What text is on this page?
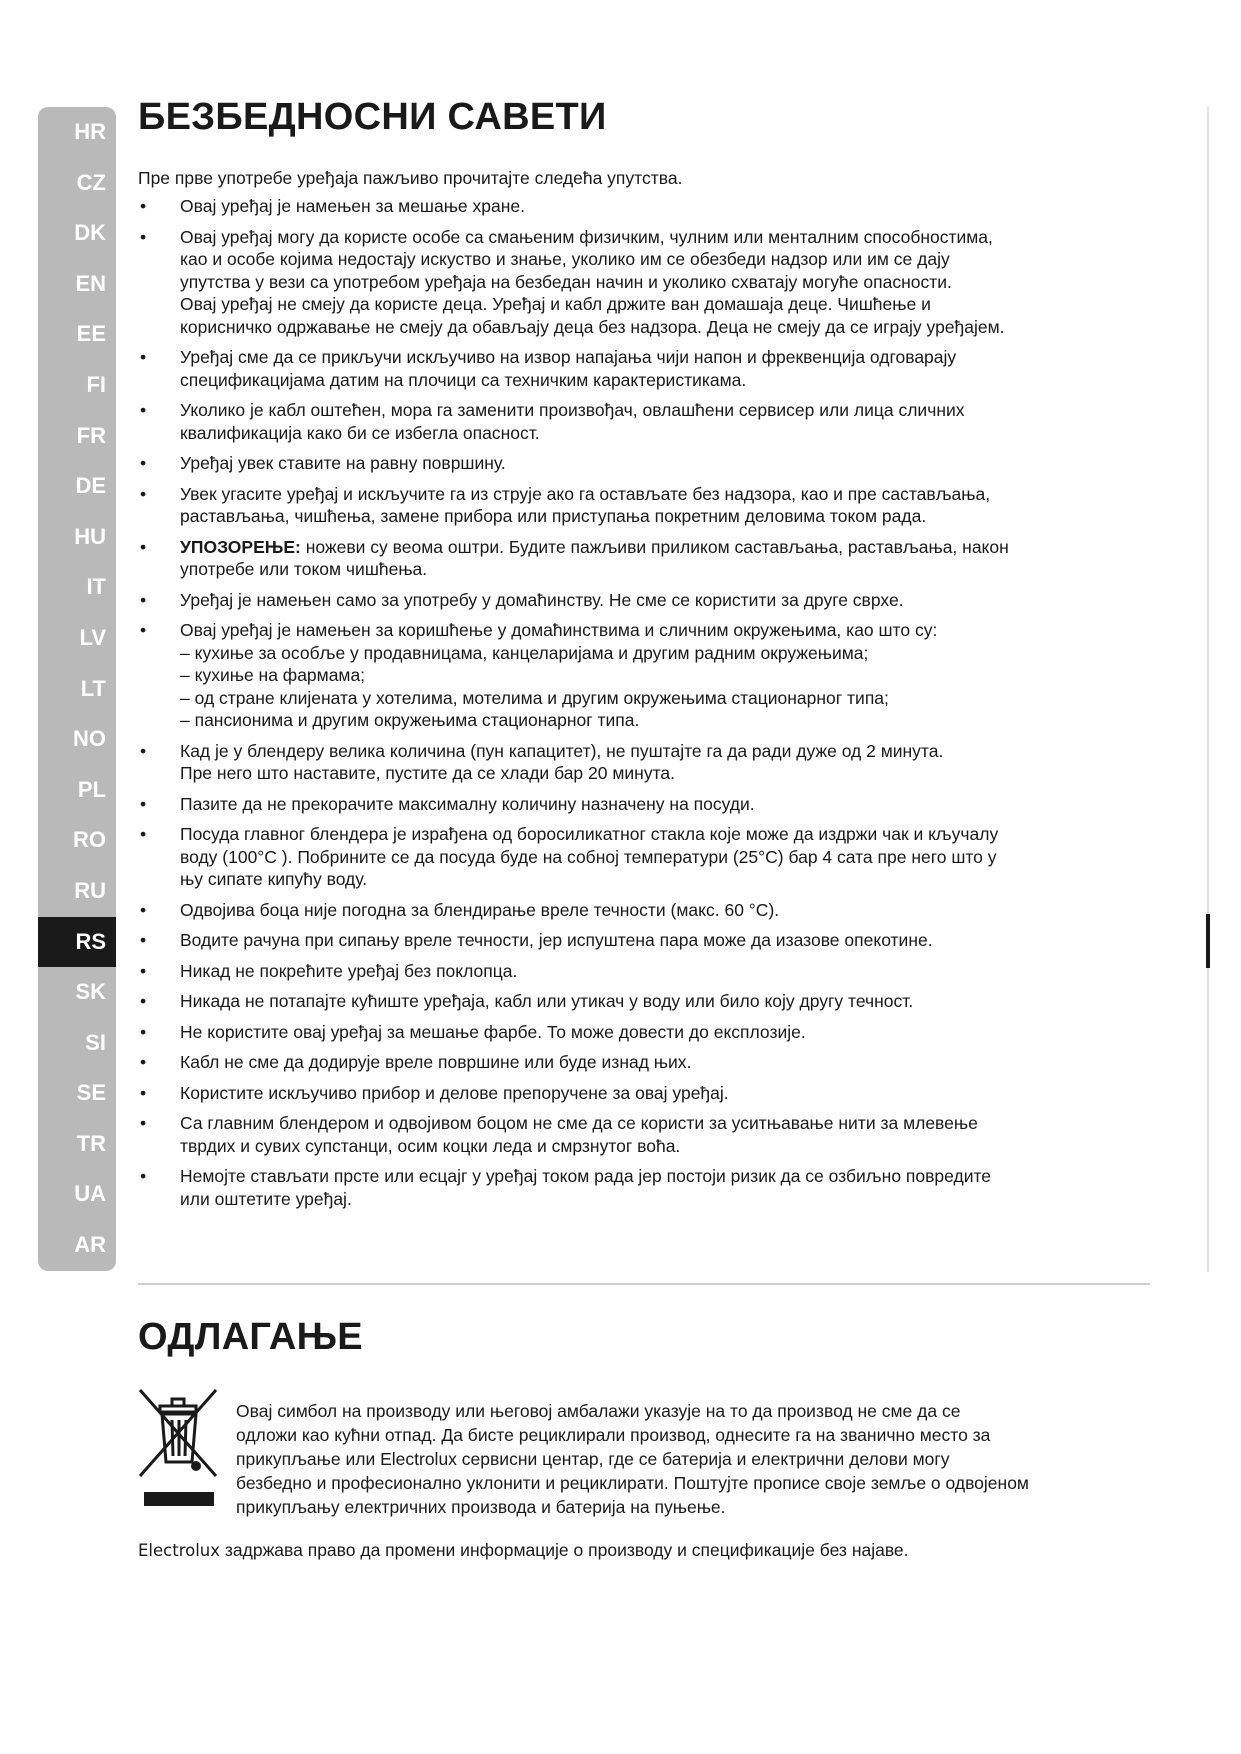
HR
CZ
DK
EN
EE
FI
FR
DE
HU
IT
LV
LT
NO
PL
RO
RU
RS
SK
SI
SE
TR
UA
AR
БЕЗБЕДНОСНИ САВЕТИ

Пре прве употребе уређаја пажљиво прочитајте следећа упутства.

• Овај уређај је намењен за мешање хране.
• Овај уређај могу да користе особе са смањеним физичким, чулним или менталним способностима,
као и особе којима недостају искуство и знање, уколико им се обезбеди надзор или им се дају
упутства у вези са употребом уређаја на безбедан начин и уколико схватају могуће опасности.
Овај уређај не смеју да користе деца. Уређај и кабл држите ван домашаја деце. Чишћење и
корисничко одржавање не смеју да обављају деца без надзора. Деца не смеју да се играју уређајем.
• Уређај сме да се прикључи искључиво на извор напајања чији напон и фреквенција одговарају
спецификацијама датим на плочици са техничким карактеристикама.
• Уколико је кабл оштећен, мора га заменити произвођач, овлашћени сервисер или лица сличних
квалификација како би се избегла опасност.
• Уређај увек ставите на равну површину.
• Увек угасите уређај и искључите га из струје ако га остављате без надзора, као и пре састављања,
растављања, чишћења, замене прибора или приступања покретним деловима током рада.
• УПОЗОРЕЊЕ: ножеви су веома оштри. Будите пажљиви приликом састављања, растављања, након
употребе или током чишћења.
• Уређај је намењен само за употребу у домаћинству. Не сме се користити за друге сврхе.
• Овај уређај је намењен за коришћење у домаћинствима и сличним окружењима, као што су:
– кухиње за особље у продавницама, канцеларијама и другим радним окружењима;
– кухиње на фармама;
– од стране клијената у хотелима, мотелима и другим окружењима стационарног типа;
– пансионима и другим окружењима стационарног типа.
• Кад је у блендеру велика количина (пун капацитет), не пуштајте га да ради дуже од 2 минута.
Пре него што наставите, пустите да се хлади бар 20 минута.
• Пазите да не прекорачите максималну количину назначену на посуди.
• Посуда главног блендера је израђена од боросиликатног стакла које може да издржи чак и кључалу
воду (100°C ). Побрините се да посуда буде на собној температури (25°C) бар 4 сата пре него што у
њу сипате кипућу воду.
• Одвојива боца није погодна за блендирање вреле течности (макс. 60 °C).
• Водите рачуна при сипању вреле течности, јер испуштена пара може да изазове опекотине.
• Никад не покрећите уређај без поклопца.
• Никада не потапајте кућиште уређаја, кабл или утикач у воду или било коју другу течност.
• Не користите овај уређај за мешање фарбе. То може довести до експлозије.
• Кабл не сме да додирује вреле површине или буде изнад њих.
• Користите искључиво прибор и делове препоручене за овај уређај.
• Са главним блендером и одвојивом боцом не сме да се користи за уситњавање нити за млевење
тврдих и сувих супстанци, осим коцки леда и смрзнутог воћа.
• Немојте стављати прсте или есцајг у уређај током рада јер постоји ризик да се озбиљно повредите
или оштетите уређај.
ОДЛАГАЊЕ
Овај симбол на производу или његовој амбалажи указује на то да производ не сме да се
одложи као кућни отпад. Да бисте рециклирали производ, однесите га на званично место за
прикупљање или Electrolux сервисни центар, где се батерија и електрични делови могу
безбедно и професионално уклонити и рециклирати. Поштујте прописе своје земље о одвојеном
прикупљању електричних производа и батерија на пуњење.
Electrolux задржава право да промени информације о производу и спецификације без најаве.
